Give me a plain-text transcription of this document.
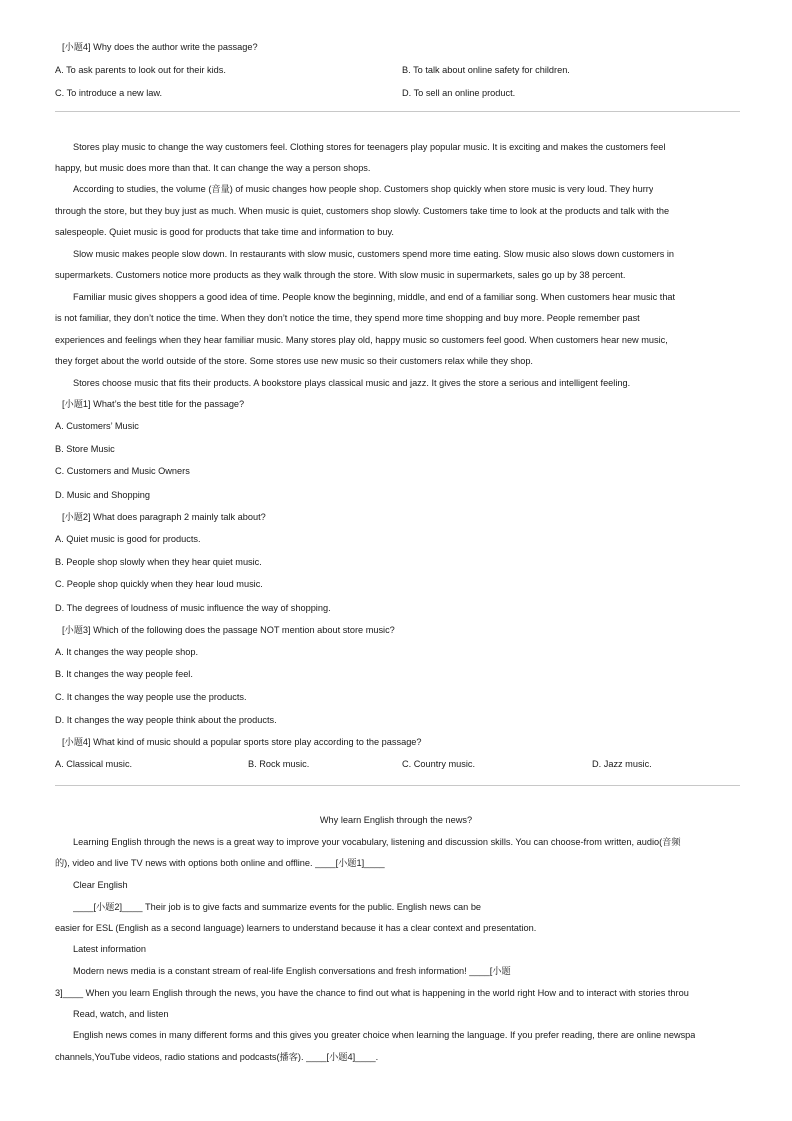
[小题4] Why does the author write the passage?
A. To ask parents to look out for their kids.	B. To talk about online safety for children.
C. To introduce a new law.	D. To sell an online product.
Stores play music to change the way customers feel. Clothing stores for teenagers play popular music. It is exciting and makes the customers feel
happy, but music does more than that. It can change the way a person shops.
According to studies, the volume (音量) of music changes how people shop. Customers shop quickly when store music is very loud. They hurry
through the store, but they buy just as much. When music is quiet, customers shop slowly. Customers take time to look at the products and talk with the
salespeople. Quiet music is good for products that take time and information to buy.
Slow music makes people slow down. In restaurants with slow music, customers spend more time eating. Slow music also slows down customers in
supermarkets. Customers notice more products as they walk through the store. With slow music in supermarkets, sales go up by 38 percent.
Familiar music gives shoppers a good idea of time. People know the beginning, middle, and end of a familiar song. When customers hear music that
is not familiar, they don’t notice the time. When they don’t notice the time, they spend more time shopping and buy more. People remember past
experiences and feelings when they hear familiar music. Many stores play old, happy music so customers feel good. When customers hear new music,
they forget about the world outside of the store. Some stores use new music so their customers relax while they shop.
Stores choose music that fits their products. A bookstore plays classical music and jazz. It gives the store a serious and intelligent feeling.
[小题1] What’s the best title for the passage?
A. Customers’ Music
B. Store Music
C. Customers and Music Owners
D. Music and Shopping
[小题2] What does paragraph 2 mainly talk about?
A. Quiet music is good for products.
B. People shop slowly when they hear quiet music.
C. People shop quickly when they hear loud music.
D. The degrees of loudness of music influence the way of shopping.
[小题3] Which of the following does the passage NOT mention about store music?
A. It changes the way people shop.
B. It changes the way people feel.
C. It changes the way people use the products.
D. It changes the way people think about the products.
[小题4] What kind of music should a popular sports store play according to the passage?
A. Classical music.	B. Rock music.	C. Country music.	D. Jazz music.
Why learn English through the news?
Learning English through the news is a great way to improve your vocabulary, listening and discussion skills. You can choose-from written, audio(音频
的), video and live TV news with options both online and offline. ____[小题1]____
Clear English
____[小题2]____ Their job is to give facts and summarize events for the public. English news can be
easier for ESL (English as a second language) learners to understand because it has a clear context and presentation.
Latest information
Modern news media is a constant stream of real-life English conversations and fresh information! ____[小题
3]____ When you learn English through the news, you have the chance to find out what is happening in the world right How and to interact with stories throu
Read, watch, and listen
English news comes in many different forms and this gives you greater choice when learning the language. If you prefer reading, there are online newspa
channels,YouTube videos, radio stations and podcasts(播客). ____[小题4]____.
